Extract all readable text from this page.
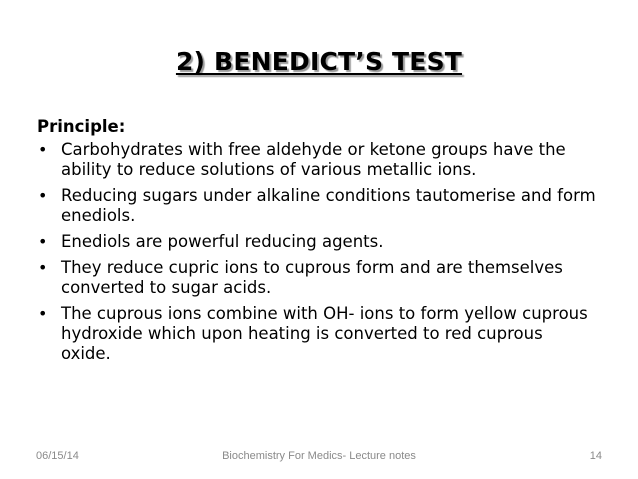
2) BENEDICT’S TEST
Principle:
• Carbohydrates with free aldehyde or ketone groups have the ability to reduce solutions of various metallic ions.
• Reducing sugars under alkaline conditions tautomerise and form enediols.
• Enediols are powerful reducing agents.
• They reduce cupric ions to cuprous form and are themselves converted to sugar acids.
• The cuprous ions combine with OH- ions to form yellow cuprous hydroxide which upon heating is converted to red cuprous oxide.
06/15/14	Biochemistry For Medics- Lecture notes	14
